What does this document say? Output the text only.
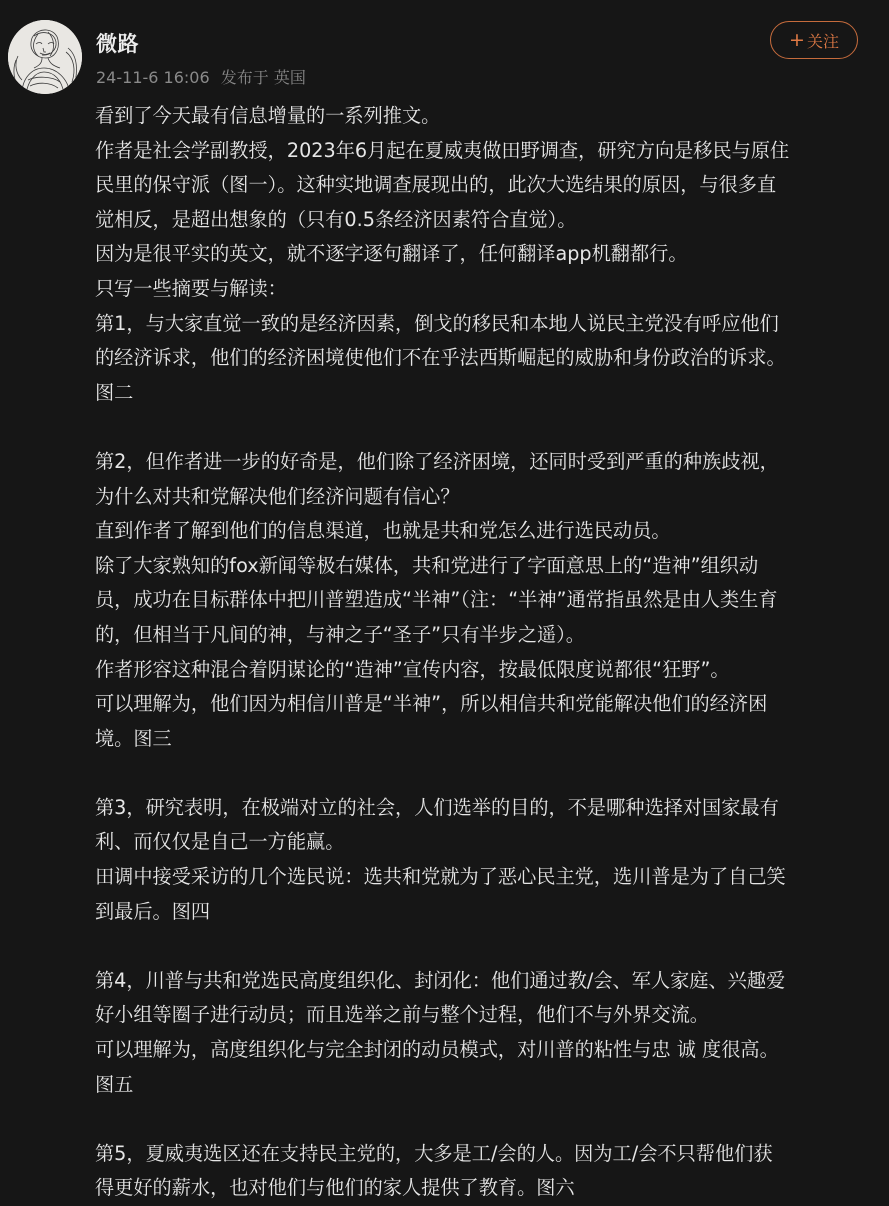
微路
24-11-6 16:06 发布于 英国
+ 关注
看到了今天最有信息增量的一系列推文。
作者是社会学副教授，2023年6月起在夏威夷做田野调查，研究方向是移民与原住
民里的保守派（图一）。这种实地调查展现出的，此次大选结果的原因，与很多直
觉相反，是超出想象的（只有0.5条经济因素符合直觉）。
因为是很平实的英文，就不逐字逐句翻译了，任何翻译app机翻都行。
只写一些摘要与解读：
第1，与大家直觉一致的是经济因素，倒戈的移民和本地人说民主党没有呼应他们
的经济诉求，他们的经济困境使他们不在乎法西斯崛起的威胁和身份政治的诉求。
图二
第2，但作者进一步的好奇是，他们除了经济困境，还同时受到严重的种族歧视，
为什么对共和党解决他们经济问题有信心？
直到作者了解到他们的信息渠道，也就是共和党怎么进行选民动员。
除了大家熟知的fox新闻等极右媒体，共和党进行了字面意思上的“造神”组织动
员，成功在目标群体中把川普塑造成“半神”（注：“半神”通常指虽然是由人类生育
的，但相当于凡间的神，与神之子“圣子”只有半步之遥）。
作者形容这种混合着阴谋论的“造神”宣传内容，按最低限度说都很“狂野”。
可以理解为，他们因为相信川普是“半神”，所以相信共和党能解决他们的经济困
境。图三
第3，研究表明，在极端对立的社会，人们选举的目的，不是哪种选择对国家最有
利、而仅仅是自己一方能赢。
田调中接受采访的几个选民说：选共和党就为了恶心民主党，选川普是为了自己笑
到最后。图四
第4，川普与共和党选民高度组织化、封闭化：他们通过教/会、军人家庭、兴趣爱
好小组等圈子进行动员；而且选举之前与整个过程，他们不与外界交流。
可以理解为，高度组织化与完全封闭的动员模式，对川普的粘性与忠 诚 度很高。
图五
第5，夏威夷选区还在支持民主党的，大多是工/会的人。因为工/会不只帮他们获
得更好的薪水，也对他们与他们的家人提供了教育。图六
